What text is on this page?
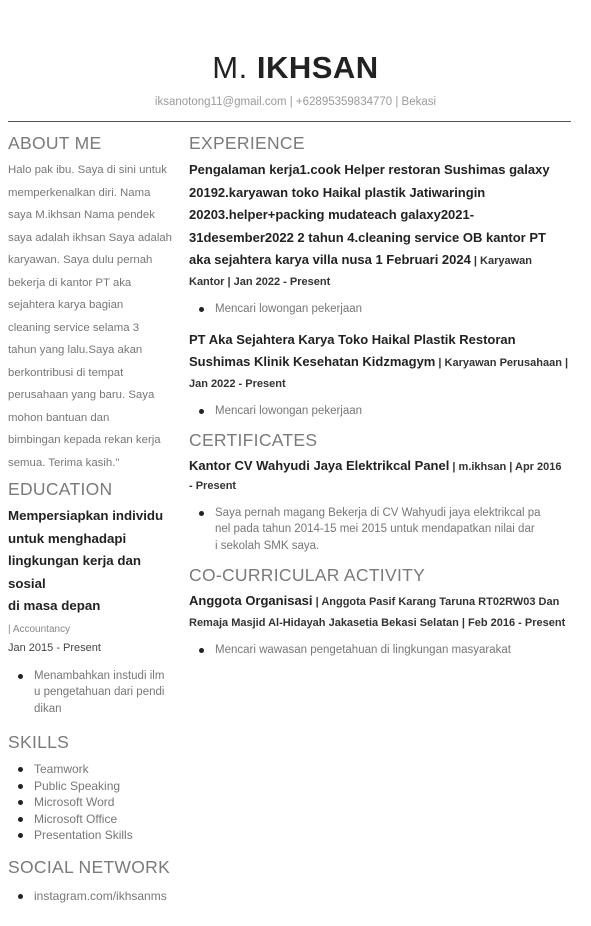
M. IKHSAN
iksanotong11@gmail.com | +62895359834770 | Bekasi
ABOUT ME
Halo pak ibu. Saya di sini untuk
memperkenalkan diri. Nama
saya M.ikhsan Nama pendek
saya adalah ikhsan Saya adalah
karyawan. Saya dulu pernah
bekerja di kantor PT aka
sejahtera karya bagian
cleaning service selama 3
tahun yang lalu.Saya akan
berkontribusi di tempat
perusahaan yang baru. Saya
mohon bantuan dan
bimbingan kepada rekan kerja
semua. Terima kasih."
EDUCATION
Mempersiapkan individu
untuk menghadapi
lingkungan kerja dan sosial
di masa depan
| Accountancy
Jan 2015 - Present
Menambahkan instudi ilm
u pengetahuan dari pendi
dikan
SKILLS
Teamwork
Public Speaking
Microsoft Word
Microsoft Office
Presentation Skills
SOCIAL NETWORK
instagram.com/ikhsanms
EXPERIENCE
Pengalaman kerja1.cook Helper restoran Sushimas galaxy
20192.karyawan toko Haikal plastik Jatiwaringin
20203.helper+packing mudateach galaxy2021-
31desember2022 2 tahun 4.cleaning service OB kantor PT
aka sejahtera karya villa nusa 1 Februari 2024 | Karyawan
Kantor | Jan 2022 - Present
Mencari lowongan pekerjaan
PT Aka Sejahtera Karya Toko Haikal Plastik Restoran
Sushimas Klinik Kesehatan Kidzmagym | Karyawan Perusahaan |
Jan 2022 - Present
Mencari lowongan pekerjaan
CERTIFICATES
Kantor CV Wahyudi Jaya Elektrikcal Panel | m.ikhsan | Apr 2016
- Present
Saya pernah magang Bekerja di CV Wahyudi jaya elektrikcal pa
nel pada tahun 2014-15 mei 2015 untuk mendapatkan nilai dar
i sekolah SMK saya.
CO-CURRICULAR ACTIVITY
Anggota Organisasi | Anggota Pasif Karang Taruna RT02RW03 Dan
Remaja Masjid Al-Hidayah Jakasetia Bekasi Selatan | Feb 2016 - Present
Mencari wawasan pengetahuan di lingkungan masyarakat
